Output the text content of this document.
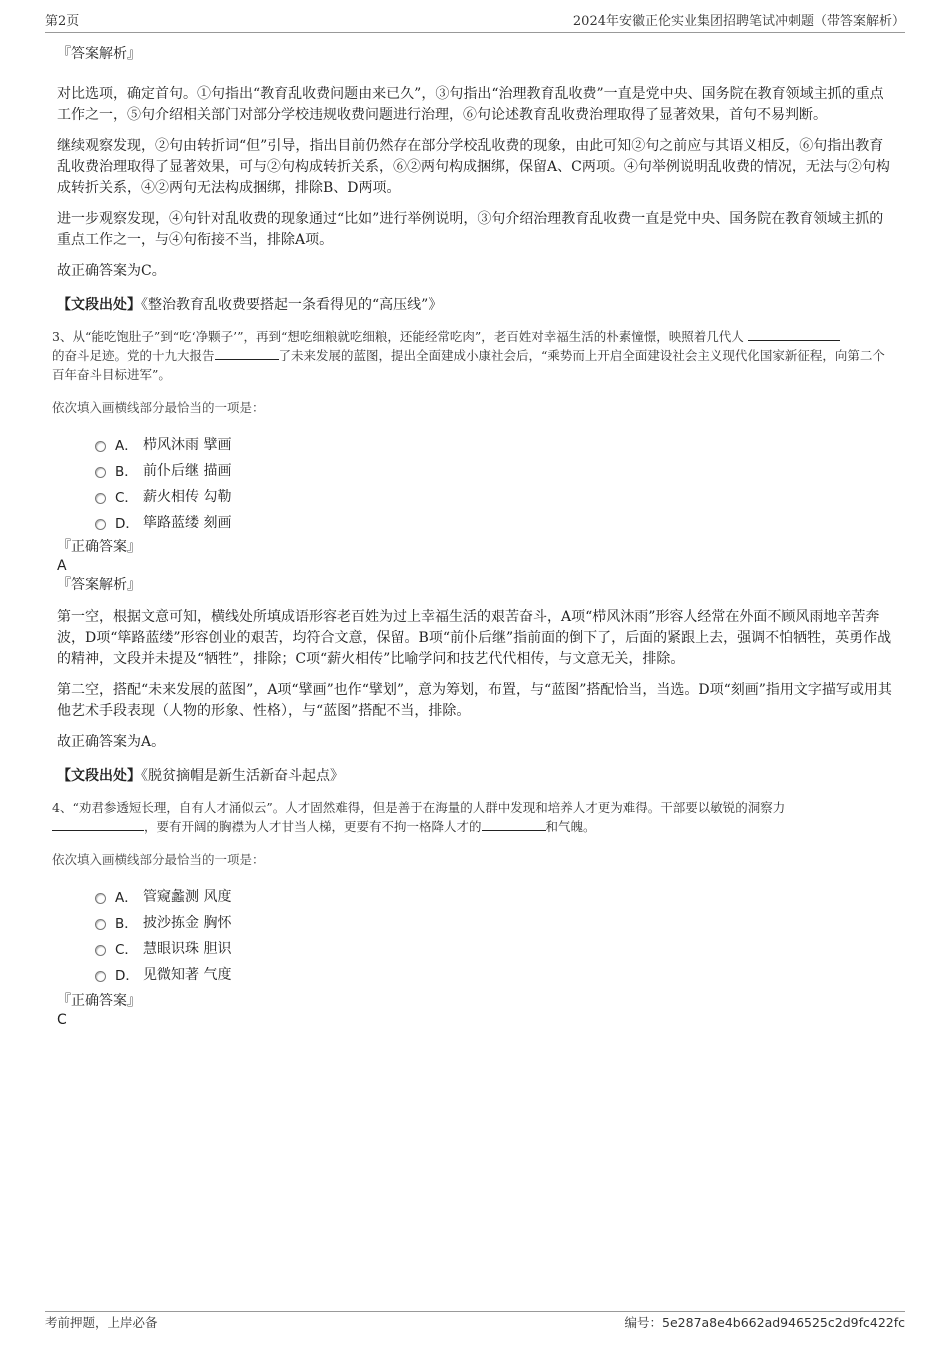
第2页	2024年安徽正伦实业集团招聘笔试冲刺题（带答案解析）
『答案解析』

对比选项，确定首句。①句指出“教育乱收费问题由来已久”，③句指出“治理教育乱收费”一直是党中央、国务院在教育领域主抓的重点工作之一，⑤句介绍相关部门对部分学校违规收费问题进行治理，⑥句论述教育乱收费治理取得了显著效果，首句不易判断。

继续观察发现，②句由转折词“但”引导，指出目前仍然存在部分学校乱收费的现象，由此可知②句之前应与其语义相反，⑥句指出教育乱收费治理取得了显著效果，可与②句构成转折关系，⑥②两句构成捆绑，保留A、C两项。④句举例说明乱收费的情况，无法与②句构成转折关系，④②两句无法构成捆绑，排除B、D两项。

进一步观察发现，④句针对乱收费的现象通过“比如”进行举例说明，③句介绍治理教育乱收费一直是党中央、国务院在教育领域主抓的重点工作之一，与④句衔接不当，排除A项。

故正确答案为C。

【文段出处】《整治教育乱收费要搭起一条看得见的“高压线”》

3、从“能吃饱肚子”到“吃‘净颗子’”，再到“想吃细粮就吃细粮，还能经常吃肉”，老百姓对幸福生活的朴素憧憬，映照着几代人
的奋斗足迹。党的十九大报告	了未来发展的蓝图，提出全面建成小康社会后，“乘势而上开启全面建设社会主义现代化国家新征程，向第二个百年奋斗目标进军”。

依次填入画横线部分最恰当的一项是：

A． 栉风沐雨 擘画
B． 前仆后继 描画
C． 薪火相传 勾勒
D． 筚路蓝缕 刻画
『正确答案』
A
『答案解析』

第一空，根据文意可知，横线处所填成语形容老百姓为过上幸福生活的艰苦奋斗，A项“栉风沐雨”形容人经常在外面不顾风雨地辛苦奔波，D项“筚路蓝缕”形容创业的艰苦，均符合文意，保留。B项“前仆后继”指前面的倒下了，后面的紧跟上去，强调不怕牺牲，英勇作战的精神，文段并未提及“牺牲”，排除；C项“薪火相传”比喻学问和技艺代代相传，与文意无关，排除。

第二空，搭配“未来发展的蓝图”，A项“擘画”也作“擘划”，意为筹划，布置，与“蓝图”搭配恰当，当选。D项“刻画”指用文字描写或用其他艺术手段表现（人物的形象、性格），与“蓝图”搭配不当，排除。

故正确答案为A。

【文段出处】《脱贫摘帽是新生活新奋斗起点》

4、“劝君参透短长理，自有人才涌似云”。人才固然难得，但是善于在海量的人群中发现和培养人才更为难得。干部要以敏锐的洞察力
，要有开阔的胸襟为人才甘当人梯，更要有不拘一格降人才的	和气魄。

依次填入画横线部分最恰当的一项是：

A． 管窥蠡测 风度
B． 披沙拣金 胸怀
C． 慧眼识珠 胆识
D． 见微知著 气度
『正确答案』
C
考前押题，上岸必备	编号：5e287a8e4b662ad946525c2d9fc422fc
